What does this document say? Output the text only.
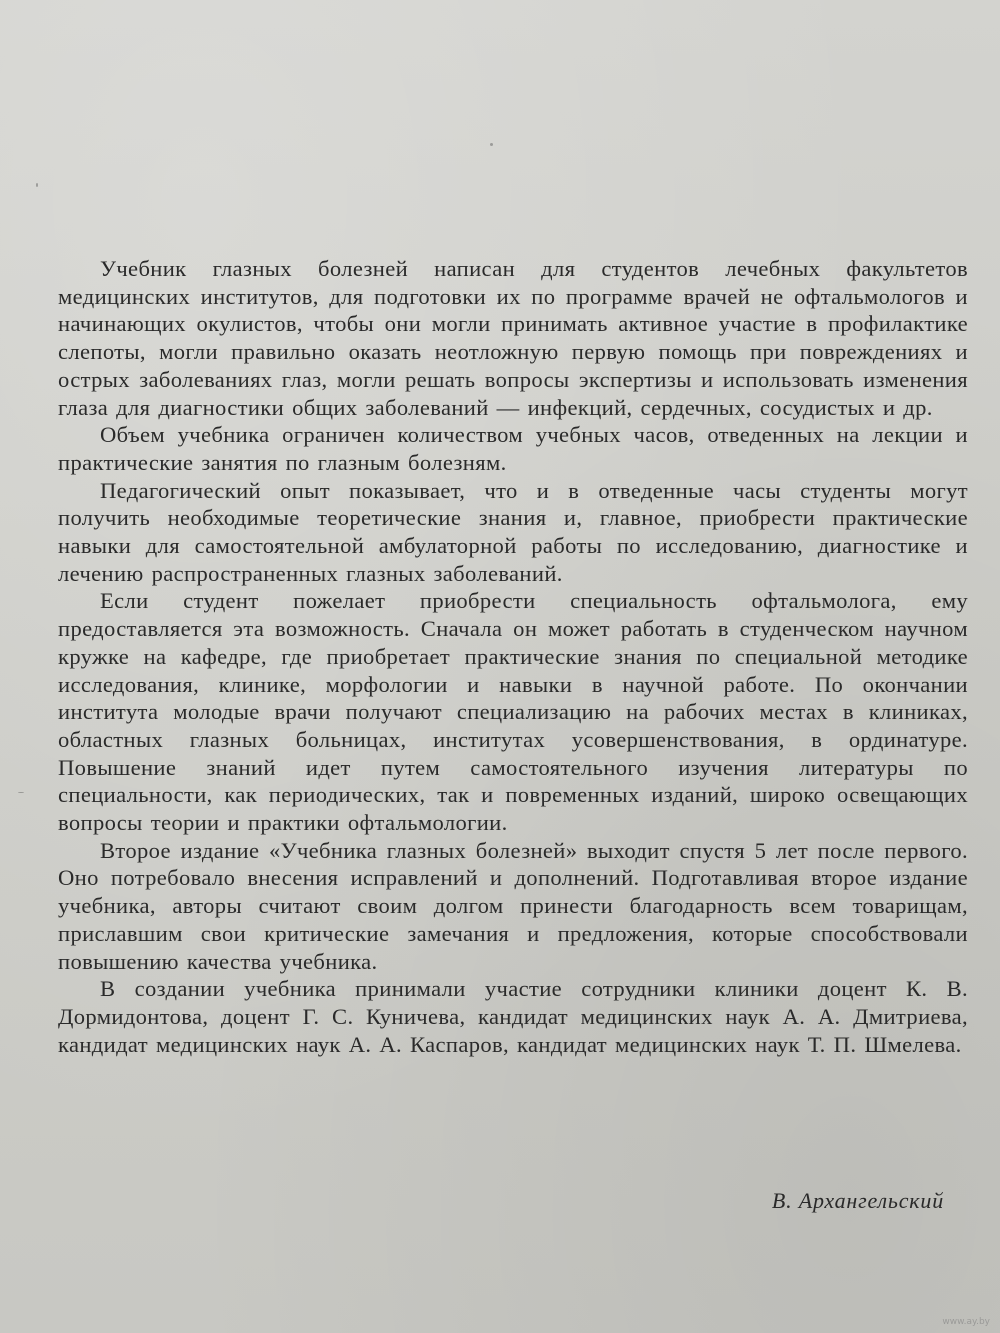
Учебник глазных болезней написан для студентов лечебных факультетов медицинских институтов, для подготовки их по программе врачей не офтальмологов и начинающих окулистов, чтобы они могли принимать активное участие в профилактике слепоты, могли правильно оказать неотложную первую помощь при повреждениях и острых заболеваниях глаз, могли решать вопросы экспертизы и использовать изменения глаза для диагностики общих заболеваний — инфекций, сердечных, сосудистых и др.

Объем учебника ограничен количеством учебных часов, отведенных на лекции и практические занятия по глазным болезням.

Педагогический опыт показывает, что и в отведенные часы студенты могут получить необходимые теоретические знания и, главное, приобрести практические навыки для самостоятельной амбулаторной работы по исследованию, диагностике и лечению распространенных глазных заболеваний.

Если студент пожелает приобрести специальность офтальмолога, ему предоставляется эта возможность. Сначала он может работать в студенческом научном кружке на кафедре, где приобретает практические знания по специальной методике исследования, клинике, морфологии и навыки в научной работе. По окончании института молодые врачи получают специализацию на рабочих местах в клиниках, областных глазных больницах, институтах усовершенствования, в ординатуре. Повышение знаний идет путем самостоятельного изучения литературы по специальности, как периодических, так и повременных изданий, широко освещающих вопросы теории и практики офтальмологии.

Второе издание «Учебника глазных болезней» выходит спустя 5 лет после первого. Оно потребовало внесения исправлений и дополнений. Подготавливая второе издание учебника, авторы считают своим долгом принести благодарность всем товарищам, приславшим свои критические замечания и предложения, которые способствовали повышению качества учебника.

В создании учебника принимали участие сотрудники клиники доцент К. В. Дормидонтова, доцент Г. С. Куничева, кандидат медицинских наук А. А. Дмитриева, кандидат медицинских наук А. А. Каспаров, кандидат медицинских наук Т. П. Шмелева.

В. Архангельский
www.ay.by
